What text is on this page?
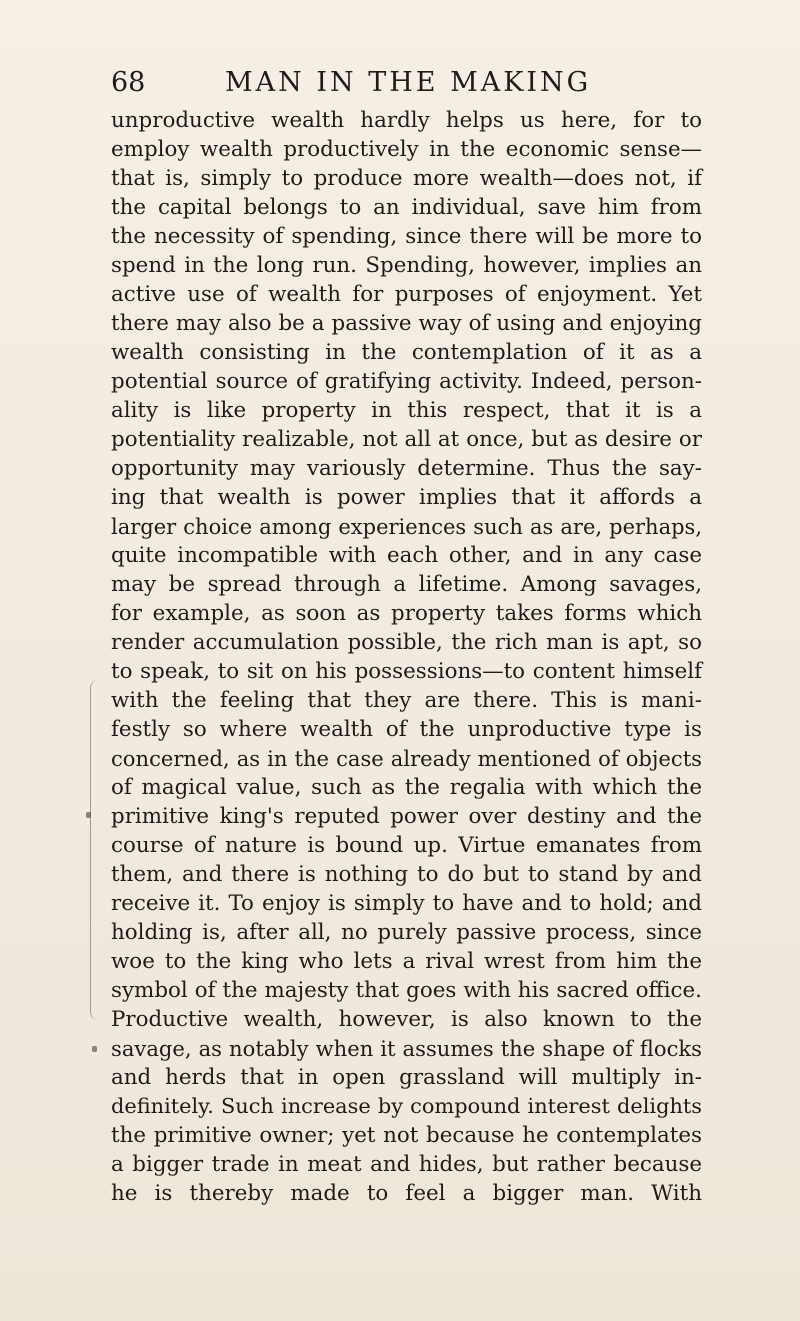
68	MAN IN THE MAKING
unproductive wealth hardly helps us here, for to
employ wealth productively in the economic sense—
that is, simply to produce more wealth—does not, if
the capital belongs to an individual, save him from
the necessity of spending, since there will be more to
spend in the long run. Spending, however, implies an
active use of wealth for purposes of enjoyment. Yet
there may also be a passive way of using and enjoying
wealth consisting in the contemplation of it as a
potential source of gratifying activity. Indeed, person-
ality is like property in this respect, that it is a
potentiality realizable, not all at once, but as desire or
opportunity may variously determine. Thus the say-
ing that wealth is power implies that it affords a
larger choice among experiences such as are, perhaps,
quite incompatible with each other, and in any case
may be spread through a lifetime. Among savages,
for example, as soon as property takes forms which
render accumulation possible, the rich man is apt, so
to speak, to sit on his possessions—to content himself
with the feeling that they are there. This is mani-
festly so where wealth of the unproductive type is
concerned, as in the case already mentioned of objects
of magical value, such as the regalia with which the
primitive king's reputed power over destiny and the
course of nature is bound up. Virtue emanates from
them, and there is nothing to do but to stand by and
receive it. To enjoy is simply to have and to hold; and
holding is, after all, no purely passive process, since
woe to the king who lets a rival wrest from him the
symbol of the majesty that goes with his sacred office.
Productive wealth, however, is also known to the
savage, as notably when it assumes the shape of flocks
and herds that in open grassland will multiply in-
definitely. Such increase by compound interest delights
the primitive owner; yet not because he contemplates
a bigger trade in meat and hides, but rather because
he is thereby made to feel a bigger man. With
